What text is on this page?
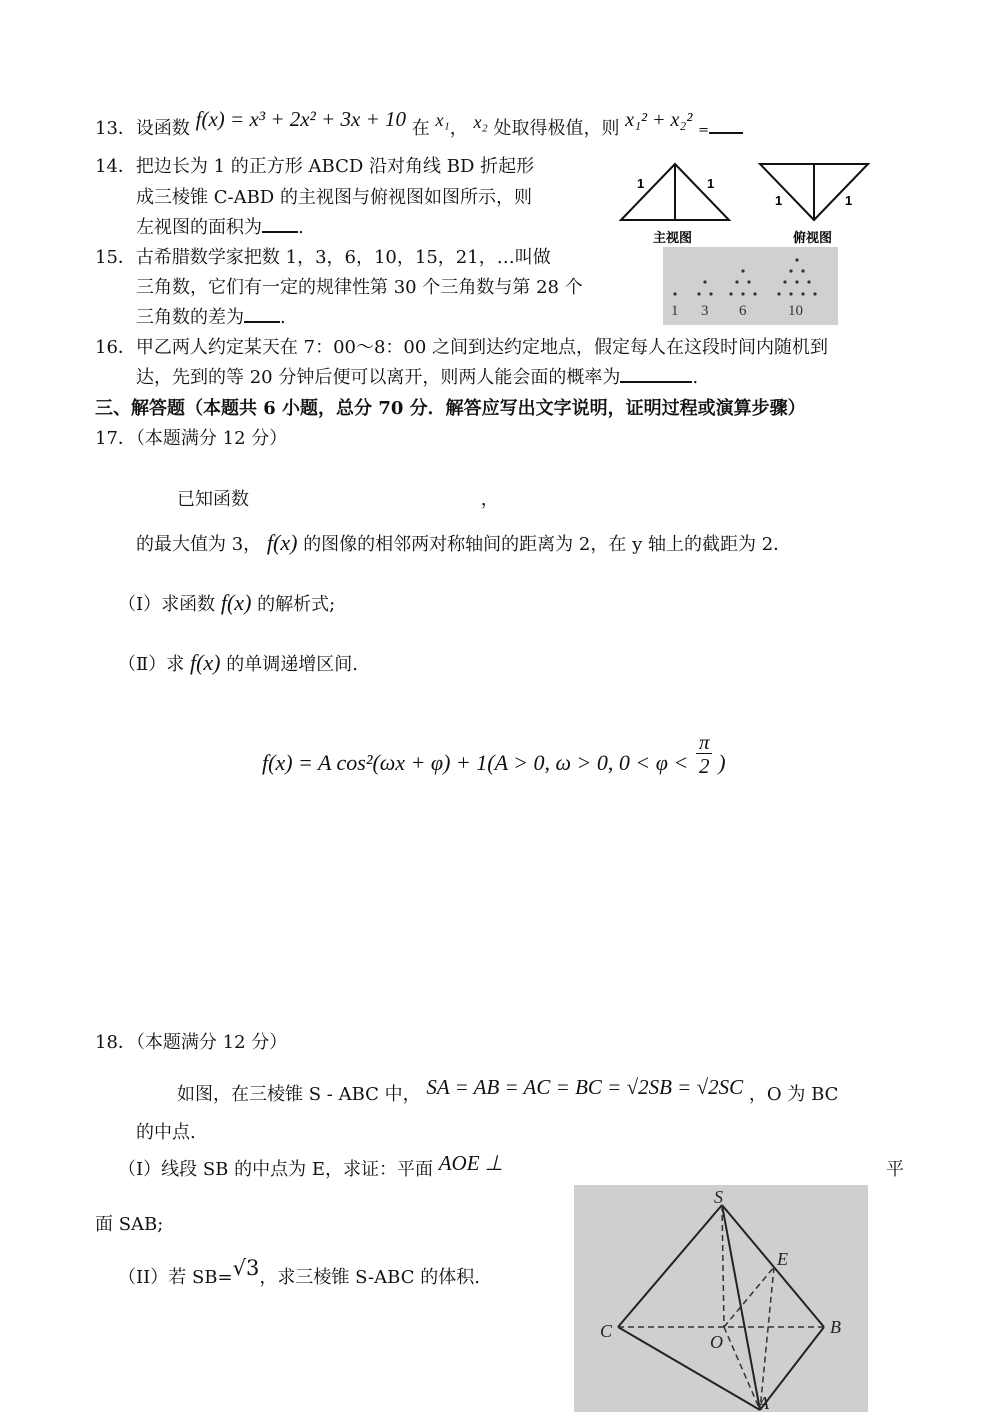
13．设函数 f(x) = x³ + 2x² + 3x + 10 在 x₁， x₂ 处取得极值，则 x₁² + x₂² =
14．把边长为 1 的正方形 ABCD 沿对角线 BD 折起形
成三棱锥 C-ABD 的主视图与俯视图如图所示，则
左视图的面积为 .
1	1
主视图
1	1
俯视图
15．古希腊数学家把数 1，3，6，10，15，21，…叫做
三角数，它们有一定的规律性第 30 个三角数与第 28 个
三角数的差为 .	1 3 6	10
16．甲乙两人约定某天在 7：00～8：00 之间到达约定地点，假定每人在这段时间内随机到
达，先到的等 20 分钟后便可以离开，则两人能会面的概率为	.
三、解答题（本题共 6 小题，总分 70 分．解答应写出文字说明，证明过程或演算步骤）
17．（本题满分 12 分）
已知函数	，
的最大值为 3， f(x) 的图像的相邻两对称轴间的距离为 2，在 y 轴上的截距为 2．
（I）求函数 f(x) 的解析式;
（Ⅱ）求 f(x) 的单调递增区间.
f(x) = A cos²(ωx + φ) + 1(A > 0, ω > 0, $0 < \varphi < \frac{\pi}{2}$ )
18．（本题满分 12 分）
如图，在三棱锥 S - ABC 中， SA = AB = AC = BC = √2SB = √2SC ，O 为 BC
的中点.
（I）线段 SB 的中点为 E，求证：平面 AOE ⊥	平
面 SAB;
（II）若 SB=√3，求三棱锥 S-ABC 的体积.
S
E
C	B
O
A
